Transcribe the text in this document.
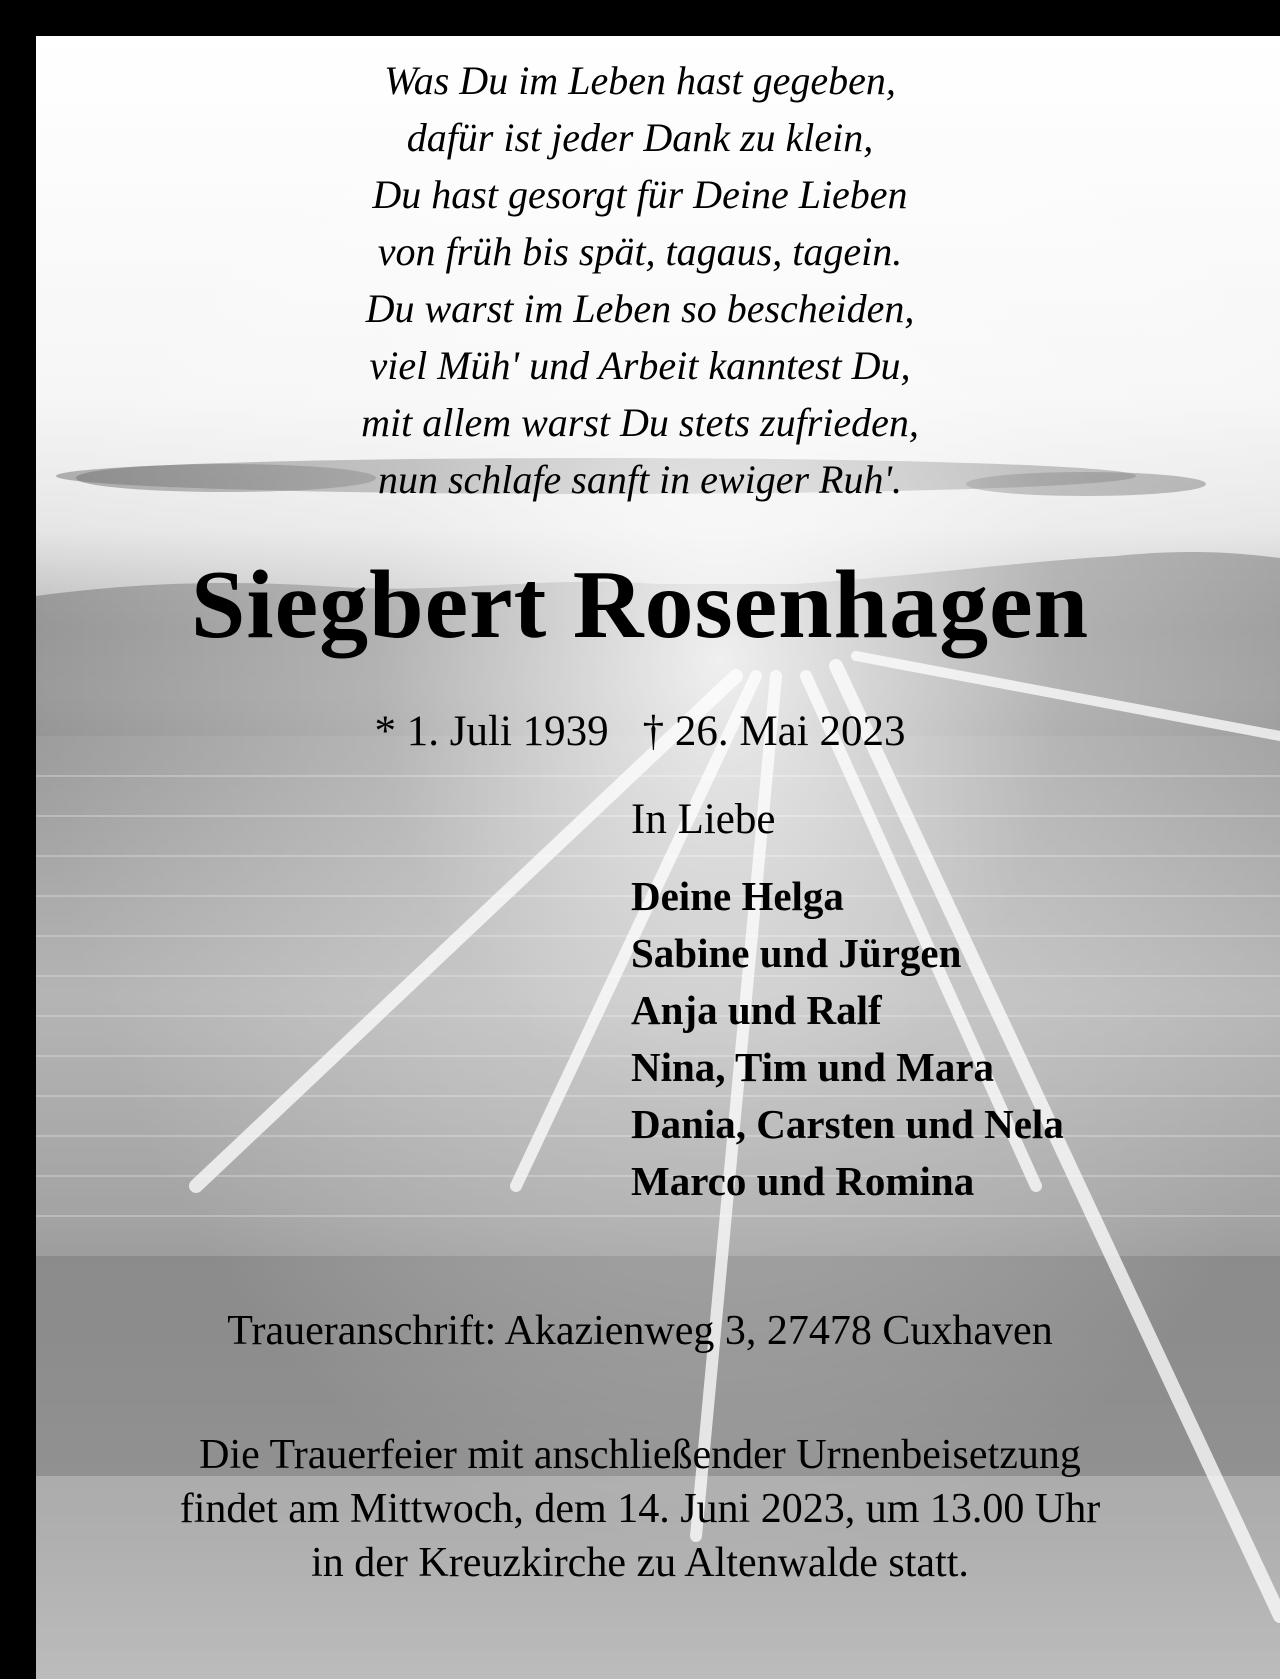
Was Du im Leben hast gegeben,
dafür ist jeder Dank zu klein,
Du hast gesorgt für Deine Lieben
von früh bis spät, tagaus, tagein.
Du warst im Leben so bescheiden,
viel Müh' und Arbeit kanntest Du,
mit allem warst Du stets zufrieden,
nun schlafe sanft in ewiger Ruh'.
Siegbert Rosenhagen
* 1. Juli 1939 † 26. Mai 2023
In Liebe
Deine Helga
Sabine und Jürgen
Anja und Ralf
Nina, Tim und Mara
Dania, Carsten und Nela
Marco und Romina
Traueranschrift: Akazienweg 3, 27478 Cuxhaven
Die Trauerfeier mit anschließender Urnenbeisetzung
findet am Mittwoch, dem 14. Juni 2023, um 13.00 Uhr
in der Kreuzkirche zu Altenwalde statt.
